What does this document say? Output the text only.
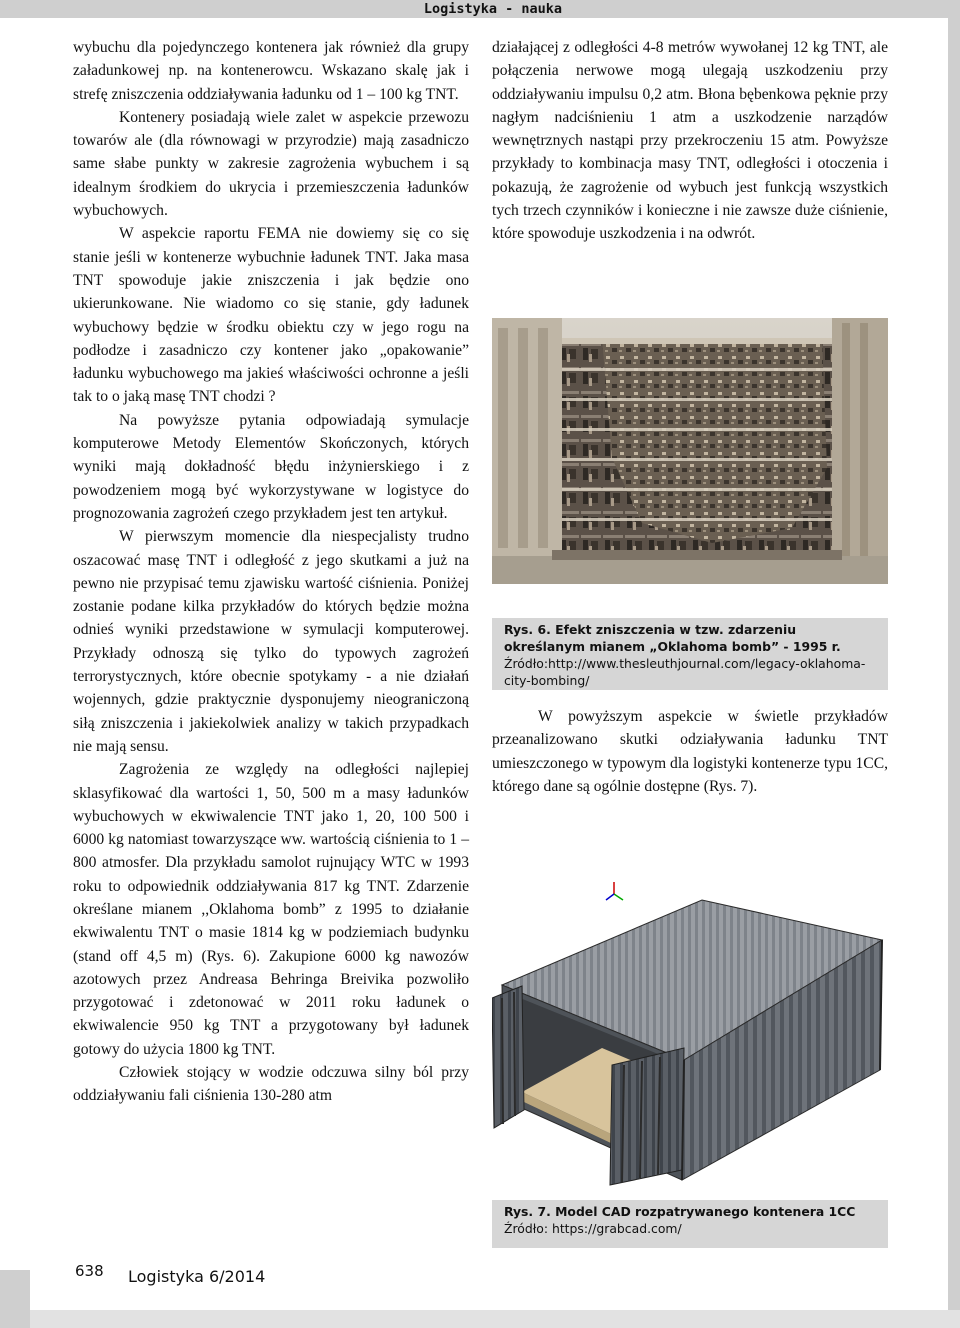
Logistyka - nauka

wybuchu dla pojedynczego kontenera jak również dla grupy załadunkowej np. na kontenerowcu. Wskazano skalę jak i strefę zniszczenia oddziaływania ładunku od 1 – 100 kg TNT.

Kontenery posiadają wiele zalet w aspekcie przewozu towarów ale (dla równowagi w przyrodzie) mają zasadniczo same słabe punkty w zakresie zagrożenia wybuchem i są idealnym środkiem do ukrycia i przemieszczenia ładunków wybuchowych.

W aspekcie raportu FEMA nie dowiemy się co się stanie jeśli w kontenerze wybuchnie ładunek TNT. Jaka masa TNT spowoduje jakie zniszczenia i jak będzie ono ukierunkowane. Nie wiadomo co się stanie, gdy ładunek wybuchowy będzie w środku obiektu czy w jego rogu na podłodze i zasadniczo czy kontener jako „opakowanie” ładunku wybuchowego ma jakieś właściwości ochronne a jeśli tak to o jaką masę TNT chodzi ?

Na powyższe pytania odpowiadają symulacje komputerowe Metody Elementów Skończonych, których wyniki mają dokładność błędu inżynierskiego i z powodzeniem mogą być wykorzystywane w logistyce do prognozowania zagrożeń czego przykładem jest ten artykuł.

W pierwszym momencie dla niespecjalisty trudno oszacować masę TNT i odległość z jego skutkami a już na pewno nie przypisać temu zjawisku wartość ciśnienia. Poniżej zostanie podane kilka przykładów do których będzie można odnieś wyniki przedstawione w symulacji komputerowej. Przykłady odnoszą się tylko do typowych zagrożeń terrorystycznych, które obecnie spotykamy - a nie działań wojennych, gdzie praktycznie dysponujemy nieograniczoną siłą zniszczenia i jakiekolwiek analizy w takich przypadkach nie mają sensu.

Zagrożenia ze względy na odległości najlepiej sklasyfikować dla wartości 1, 50, 500 m a masy ładunków wybuchowych w ekwiwalencie TNT jako 1, 20, 100 500 i 6000 kg natomiast towarzyszące ww. wartością ciśnienia to 1 – 800 atmosfer. Dla przykładu samolot rujnujący WTC w 1993 roku to odpowiednik oddziaływania 817 kg TNT. Zdarzenie określane mianem ,,Oklahoma bomb” z 1995 to działanie ekwiwalentu TNT o masie 1814 kg w podziemiach budynku (stand off 4,5 m) (Rys. 6). Zakupione 6000 kg nawozów azotowych przez Andreasa Behringa Breivika pozwoliło przygotować i zdetonować w 2011 roku ładunek o ekwiwalencie 950 kg TNT a przygotowany był ładunek gotowy do użycia 1800 kg TNT.

Człowiek stojący w wodzie odczuwa silny ból przy oddziaływaniu fali ciśnienia 130-280 atm

działającej z odległości 4-8 metrów wywołanej 12 kg TNT, ale połączenia nerwowe mogą ulegają uszkodzeniu przy oddziaływaniu impulsu 0,2 atm. Błona bębenkowa pęknie przy nagłym nadciśnieniu 1 atm a uszkodzenie narządów wewnętrznych nastąpi przy przekroczeniu 15 atm. Powyższe przykłady to kombinacja masy TNT, odległości i otoczenia i pokazują, że zagrożenie od wybuch jest funkcją wszystkich tych trzech czynników i konieczne i nie zawsze duże ciśnienie, które spowoduje uszkodzenia i na odwrót.

Rys. 6. Efekt zniszczenia w tzw. zdarzeniu określanym mianem „Oklahoma bomb” - 1995 r.
Źródło:http://www.thesleuthjournal.com/legacy-oklahoma-city-bombing/

W powyższym aspekcie w świetle przykładów przeanalizowano skutki odziaływania ładunku TNT umieszczonego w typowym dla logistyki kontenerze typu 1CC, którego dane są ogólnie dostępne (Rys. 7).

Rys. 7. Model CAD rozpatrywanego kontenera 1CC
Źródło: https://grabcad.com/
638 Logistyka 6/2014
